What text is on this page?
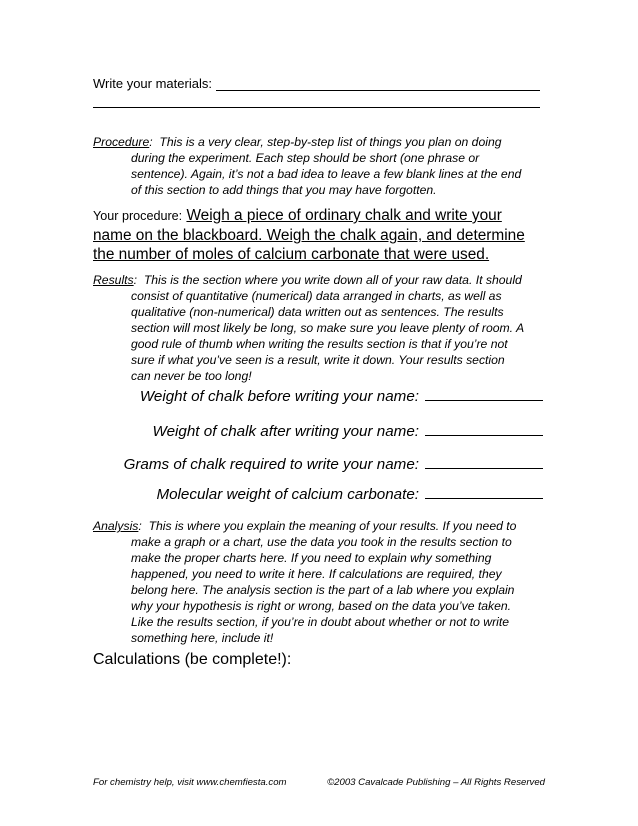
Write your materials:

Procedure:  This is a very clear, step-by-step list of things you plan on doing
during the experiment. Each step should be short (one phrase or
sentence). Again, it’s not a bad idea to leave a few blank lines at the end
of this section to add things that you may have forgotten.

Your procedure: Weigh a piece of ordinary chalk and write your name on the blackboard. Weigh the chalk again, and determine the number of moles of calcium carbonate that were used.

Results:  This is the section where you write down all of your raw data. It should
consist of quantitative (numerical) data arranged in charts, as well as
qualitative (non-numerical) data written out as sentences. The results
section will most likely be long, so make sure you leave plenty of room. A
good rule of thumb when writing the results section is that if you’re not
sure if what you’ve seen is a result, write it down. Your results section
can never be too long!

Weight of chalk before writing your name:
Weight of chalk after writing your name:
Grams of chalk required to write your name:
Molecular weight of calcium carbonate:

Analysis:  This is where you explain the meaning of your results. If you need to
make a graph or a chart, use the data you took in the results section to
make the proper charts here. If you need to explain why something
happened, you need to write it here. If calculations are required, they
belong here. The analysis section is the part of a lab where you explain
why your hypothesis is right or wrong, based on the data you’ve taken.
Like the results section, if you’re in doubt about whether or not to write
something here, include it!

Calculations (be complete!):
For chemistry help, visit www.chemfiesta.com	©2003 Cavalcade Publishing – All Rights Reserved
